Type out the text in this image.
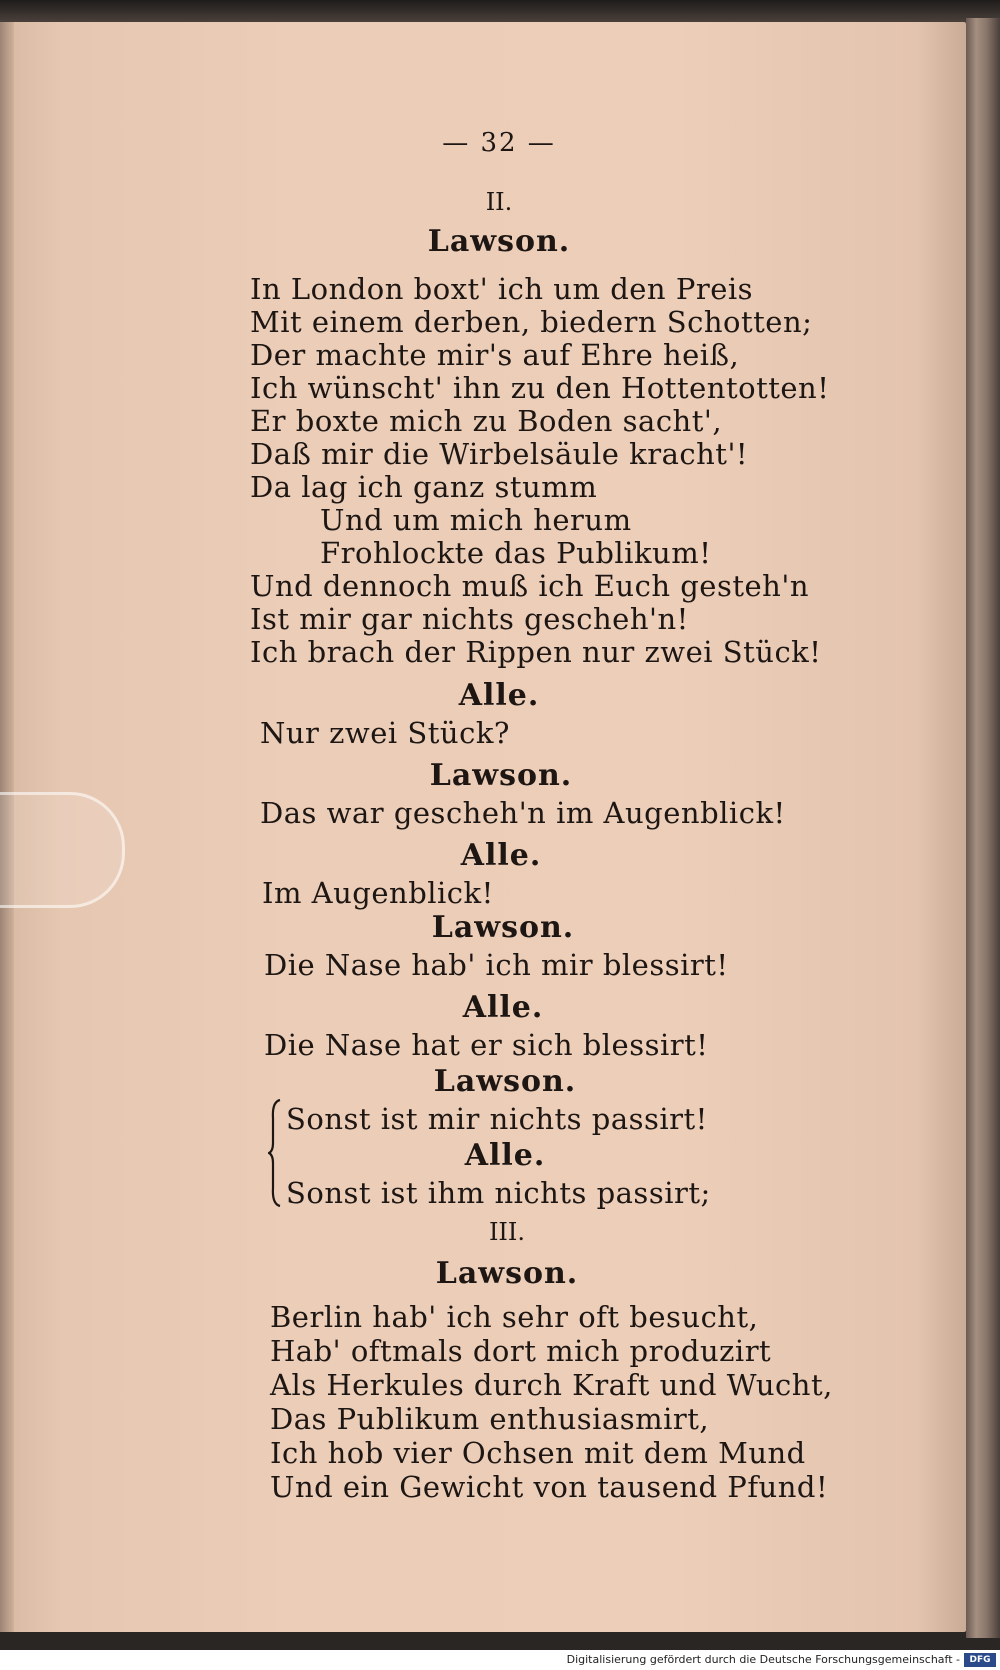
— 32 —
II.
Lawson.
In London boxt' ich um den Preis
Mit einem derben, biedern Schotten;
Der machte mir's auf Ehre heiß,
Ich wünscht' ihn zu den Hottentotten!
Er boxte mich zu Boden sacht',
Daß mir die Wirbelsäule kracht'!
Da lag ich ganz stumm
Und um mich herum
Frohlockte das Publikum!
Und dennoch muß ich Euch gesteh'n
Ist mir gar nichts gescheh'n!
Ich brach der Rippen nur zwei Stück!
Alle.
Nur zwei Stück?
Lawson.
Das war gescheh'n im Augenblick!
Alle.
Im Augenblick!
Lawson.
Die Nase hab' ich mir blessirt!
Alle.
Die Nase hat er sich blessirt!
Lawson.
Sonst ist mir nichts passirt!
Alle.
Sonst ist ihm nichts passirt;
III.
Lawson.
Berlin hab' ich sehr oft besucht,
Hab' oftmals dort mich produzirt
Als Herkules durch Kraft und Wucht,
Das Publikum enthusiasmirt,
Ich hob vier Ochsen mit dem Mund
Und ein Gewicht von tausend Pfund!
Digitalisierung gefördert durch die Deutsche Forschungsgemeinschaft -	DFG
